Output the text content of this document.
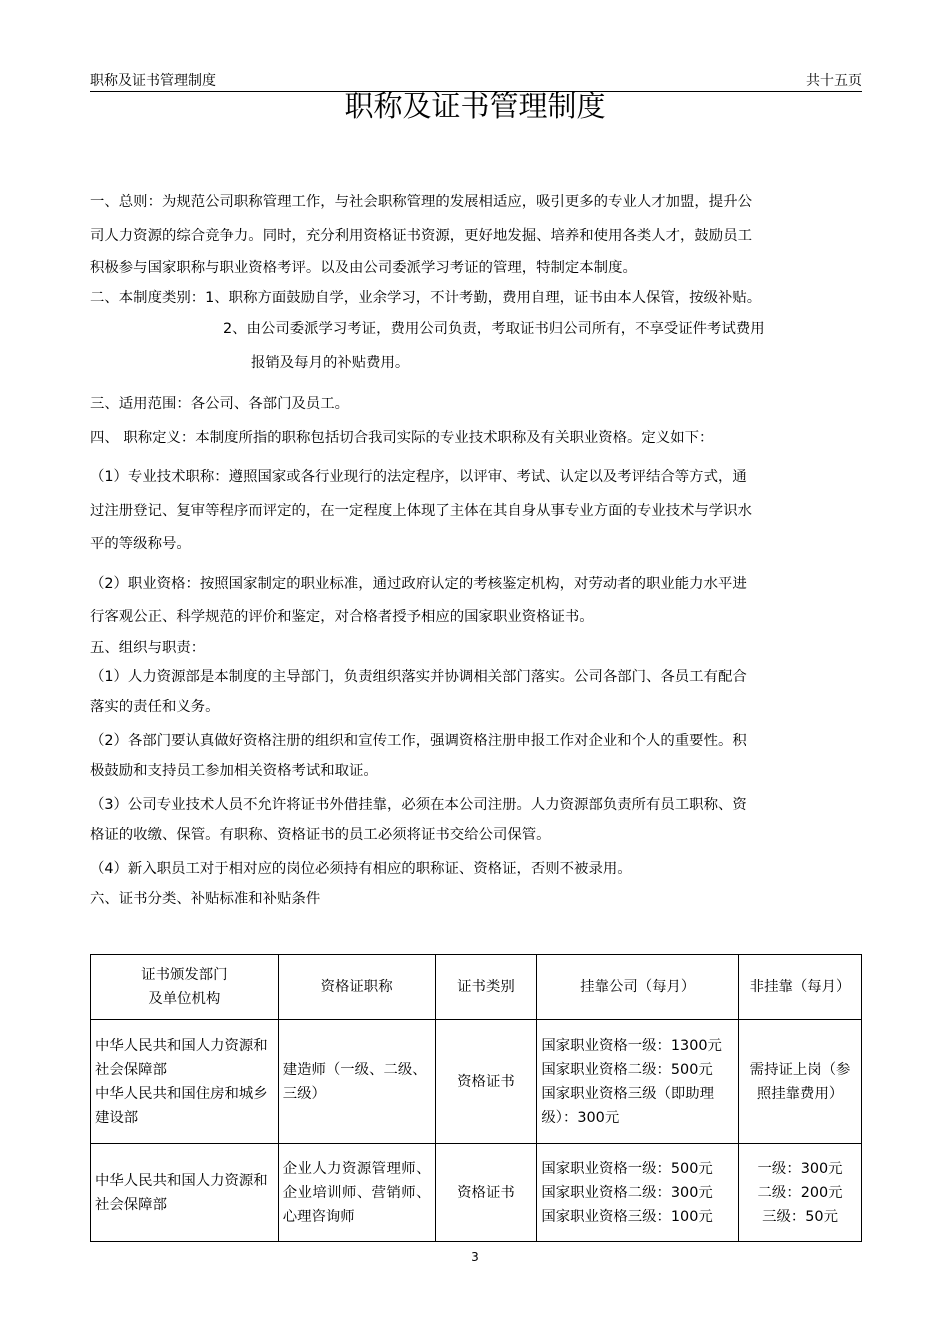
职称及证书管理制度	共十五页
职称及证书管理制度

一、总则：为规范公司职称管理工作，与社会职称管理的发展相适应，吸引更多的专业人才加盟，提升公

司人力资源的综合竞争力。同时，充分利用资格证书资源，更好地发掘、培养和使用各类人才，鼓励员工

积极参与国家职称与职业资格考评。以及由公司委派学习考证的管理，特制定本制度。

二、本制度类别：1、职称方面鼓励自学，业余学习，不计考勤，费用自理，证书由本人保管，按级补贴。

2、由公司委派学习考证，费用公司负责，考取证书归公司所有，不享受证件考试费用

报销及每月的补贴费用。

三、适用范围：各公司、各部门及员工。

四、 职称定义：本制度所指的职称包括切合我司实际的专业技术职称及有关职业资格。定义如下：

（1）专业技术职称：遵照国家或各行业现行的法定程序，以评审、考试、认定以及考评结合等方式，通

过注册登记、复审等程序而评定的，在一定程度上体现了主体在其自身从事专业方面的专业技术与学识水

平的等级称号。

（2）职业资格：按照国家制定的职业标准，通过政府认定的考核鉴定机构，对劳动者的职业能力水平进

行客观公正、科学规范的评价和鉴定，对合格者授予相应的国家职业资格证书。

五、组织与职责：

（1）人力资源部是本制度的主导部门，负责组织落实并协调相关部门落实。公司各部门、各员工有配合

落实的责任和义务。

（2）各部门要认真做好资格注册的组织和宣传工作，强调资格注册申报工作对企业和个人的重要性。积

极鼓励和支持员工参加相关资格考试和取证。

（3）公司专业技术人员不允许将证书外借挂靠，必须在本公司注册。人力资源部负责所有员工职称、资

格证的收缴、保管。有职称、资格证书的员工必须将证书交给公司保管。

（4）新入职员工对于相对应的岗位必须持有相应的职称证、资格证，否则不被录用。

六、证书分类、补贴标准和补贴条件

证书颁发部门
及单位机构	资格证职称	证书类别	挂靠公司（每月）	非挂靠（每月）
中华人民共和国人力资源和社会保障部
中华人民共和国住房和城乡建设部	建造师（一级、二级、三级）	资格证书	国家职业资格一级：1300元
国家职业资格二级：500元
国家职业资格三级（即助理级）：300元	需持证上岗（参照挂靠费用）
中华人民共和国人力资源和社会保障部	企业人力资源管理师、企业培训师、营销师、心理咨询师	资格证书	国家职业资格一级：500元
国家职业资格二级：300元
国家职业资格三级：100元	一级：300元
二级：200元
三级：50元
3
